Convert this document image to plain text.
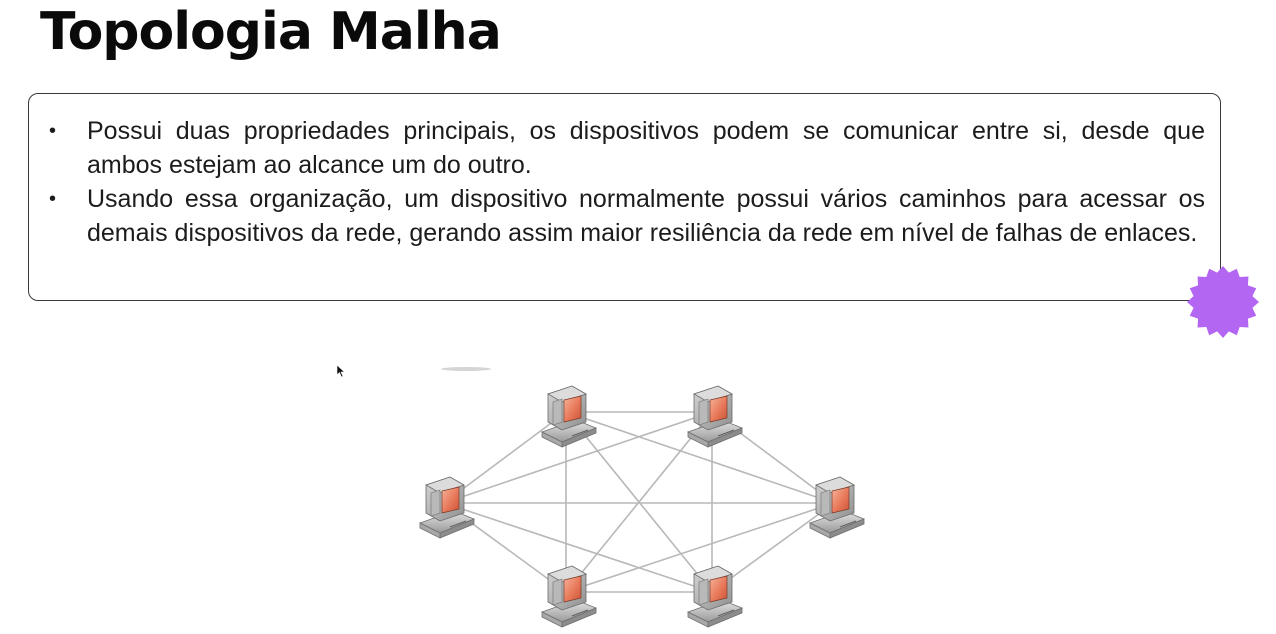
Topologia Malha
• Possui duas propriedades principais, os dispositivos podem se comunicar entre si, desde que ambos estejam ao alcance um do outro.
• Usando essa organização, um dispositivo normalmente possui vários caminhos para acessar os demais dispositivos da rede, gerando assim maior resiliência da rede em nível de falhas de enlaces.
